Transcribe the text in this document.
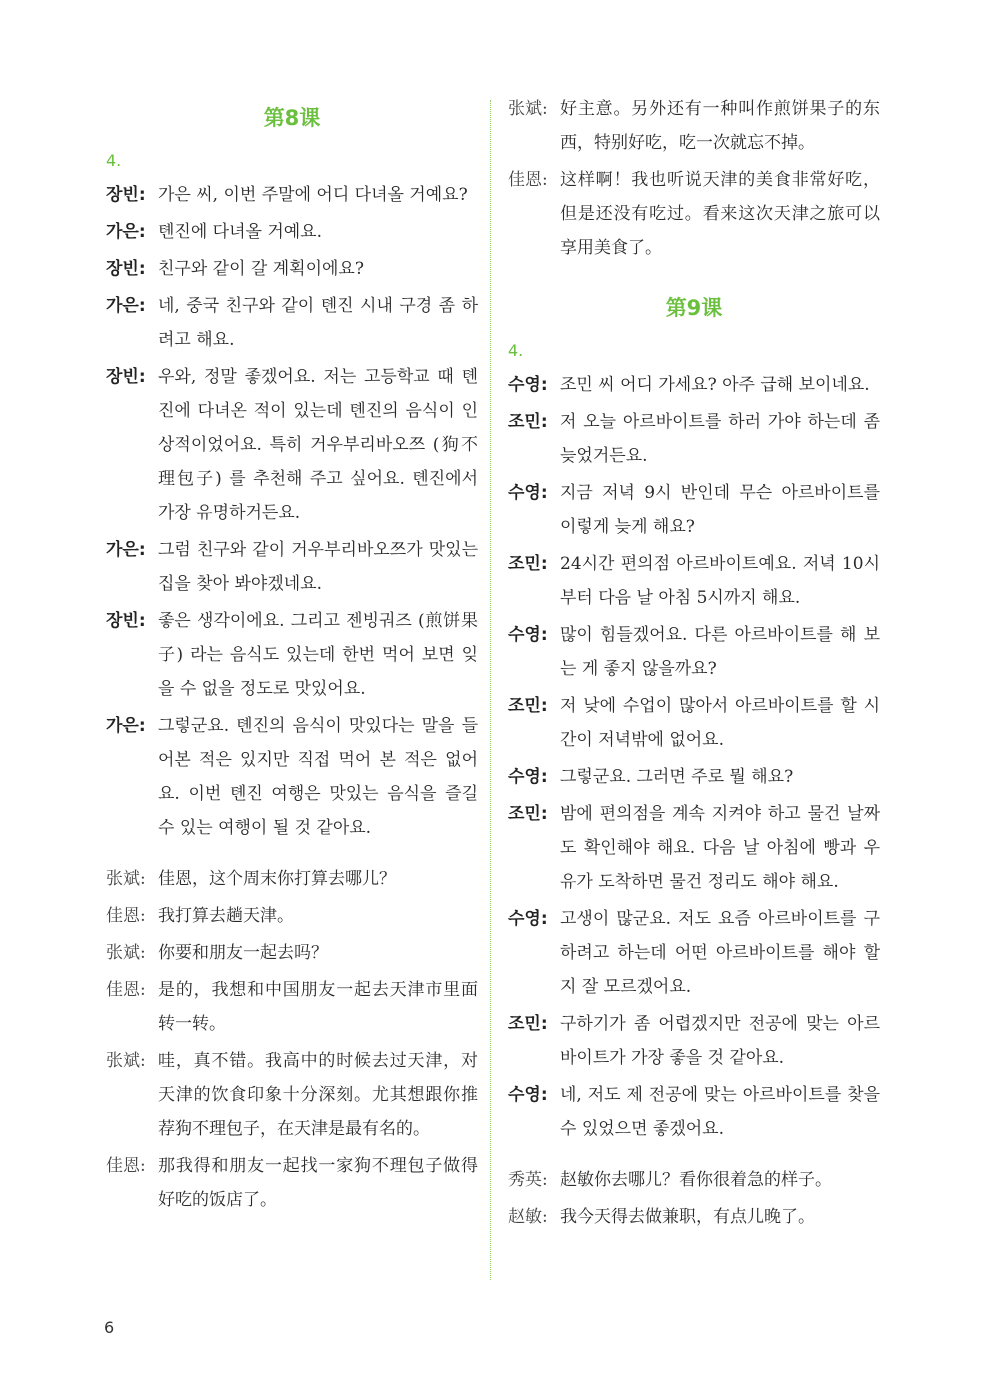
第8课
4.
장빈: 가은 씨, 이번 주말에 어디 다녀올 거예요?
가은: 톈진에 다녀올 거예요.
장빈: 친구와 같이 갈 계획이에요?
가은: 네, 중국 친구와 같이 톈진 시내 구경 좀 하려고 해요.
장빈: 우와, 정말 좋겠어요. 저는 고등학교 때 톈진에 다녀온 적이 있는데 톈진의 음식이 인상적이었어요. 특히 거우부리바오쯔 (狗不理包子) 를 추천해 주고 싶어요. 톈진에서 가장 유명하거든요.
가은: 그럼 친구와 같이 거우부리바오쯔가 맛있는 집을 찾아 봐야겠네요.
장빈: 좋은 생각이에요. 그리고 젠빙궈즈 (煎饼果子) 라는 음식도 있는데 한번 먹어 보면 잊을 수 없을 정도로 맛있어요.
가은: 그렇군요. 톈진의 음식이 맛있다는 말을 들어본 적은 있지만 직접 먹어 본 적은 없어요. 이번 톈진 여행은 맛있는 음식을 즐길 수 있는 여행이 될 것 같아요.
张斌: 佳恩，这个周末你打算去哪儿？
佳恩: 我打算去趟天津。
张斌: 你要和朋友一起去吗？
佳恩: 是的，我想和中国朋友一起去天津市里面转一转。
张斌: 哇，真不错。我高中的时候去过天津，对天津的饮食印象十分深刻。尤其想跟你推荐狗不理包子，在天津是最有名的。
佳恩: 那我得和朋友一起找一家狗不理包子做得好吃的饭店了。
张斌: 好主意。另外还有一种叫作煎饼果子的东西，特别好吃，吃一次就忘不掉。
佳恩: 这样啊！我也听说天津的美食非常好吃，但是还没有吃过。看来这次天津之旅可以享用美食了。
第9课
4.
수영: 조민 씨 어디 가세요? 아주 급해 보이네요.
조민: 저 오늘 아르바이트를 하러 가야 하는데 좀 늦었거든요.
수영: 지금 저녁 9시 반인데 무슨 아르바이트를 이렇게 늦게 해요?
조민: 24시간 편의점 아르바이트예요. 저녁 10시부터 다음 날 아침 5시까지 해요.
수영: 많이 힘들겠어요. 다른 아르바이트를 해 보는 게 좋지 않을까요?
조민: 저 낮에 수업이 많아서 아르바이트를 할 시간이 저녁밖에 없어요.
수영: 그렇군요. 그러면 주로 뭘 해요?
조민: 밤에 편의점을 계속 지켜야 하고 물건 날짜도 확인해야 해요. 다음 날 아침에 빵과 우유가 도착하면 물건 정리도 해야 해요.
수영: 고생이 많군요. 저도 요즘 아르바이트를 구하려고 하는데 어떤 아르바이트를 해야 할지 잘 모르겠어요.
조민: 구하기가 좀 어렵겠지만 전공에 맞는 아르바이트가 가장 좋을 것 같아요.
수영: 네, 저도 제 전공에 맞는 아르바이트를 찾을 수 있었으면 좋겠어요.
秀英: 赵敏你去哪儿？看你很着急的样子。
赵敏: 我今天得去做兼职，有点儿晚了。
6
